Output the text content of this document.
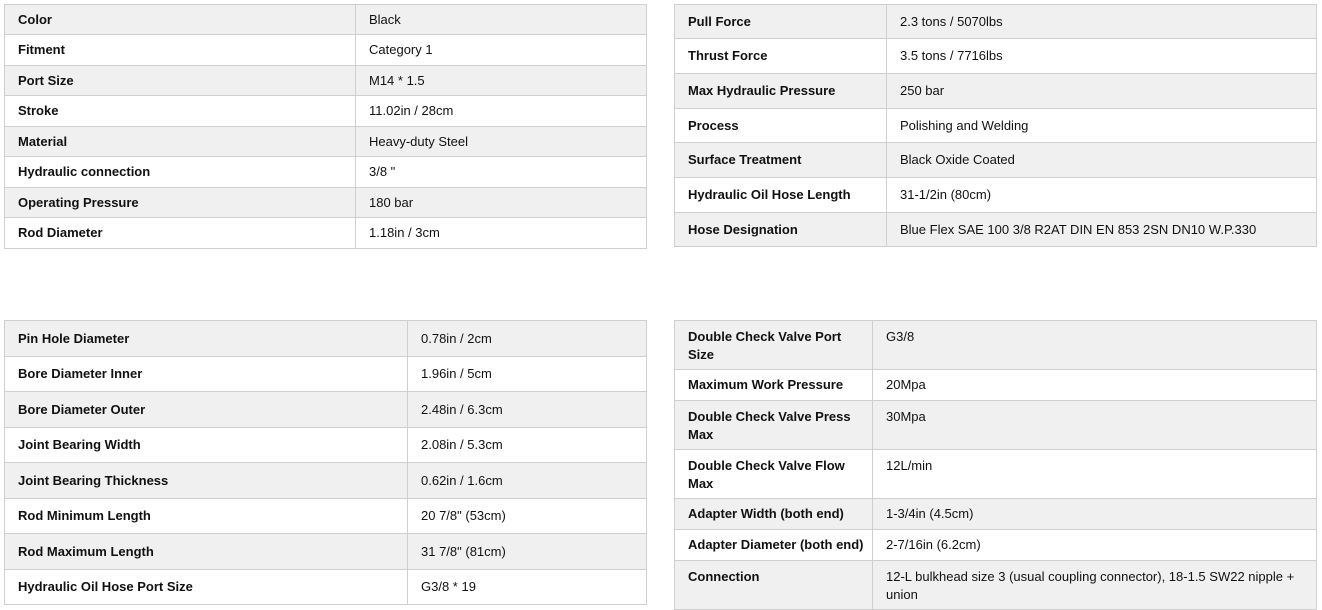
Color	Black
Fitment	Category 1
Port Size	M14 * 1.5
Stroke	11.02in / 28cm
Material	Heavy-duty Steel
Hydraulic connection	3/8 "
Operating Pressure	180 bar
Rod Diameter	1.18in / 3cm
Pull Force	2.3 tons / 5070lbs
Thrust Force	3.5 tons / 7716lbs
Max Hydraulic Pressure	250 bar
Process	Polishing and Welding
Surface Treatment	Black Oxide Coated
Hydraulic Oil Hose Length	31-1/2in (80cm)
Hose Designation	Blue Flex SAE 100 3/8 R2AT DIN EN 853 2SN DN10 W.P.330
Pin Hole Diameter	0.78in / 2cm
Bore Diameter Inner	1.96in / 5cm
Bore Diameter Outer	2.48in / 6.3cm
Joint Bearing Width	2.08in / 5.3cm
Joint Bearing Thickness	0.62in / 1.6cm
Rod Minimum Length	20 7/8" (53cm)
Rod Maximum Length	31 7/8" (81cm)
Hydraulic Oil Hose Port Size	G3/8 * 19
Double Check Valve Port Size	G3/8
Maximum Work Pressure	20Mpa
Double Check Valve Press Max	30Mpa
Double Check Valve Flow Max	12L/min
Adapter Width (both end)	1-3/4in (4.5cm)
Adapter Diameter (both end)	2-7/16in (6.2cm)
Connection	12-L bulkhead size 3 (usual coupling connector), 18-1.5 SW22 nipple + union
